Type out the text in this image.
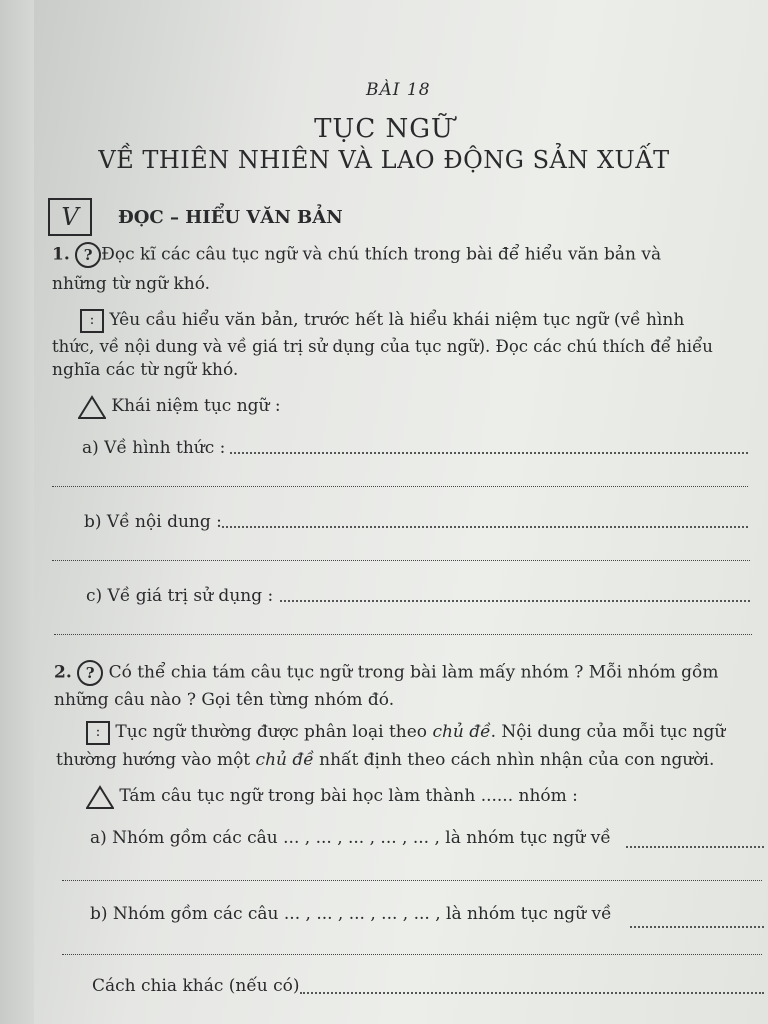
BÀI 18
TỤC NGỮ
VỀ THIÊN NHIÊN VÀ LAO ĐỘNG SẢN XUẤT
V	ĐỌC – HIỂU VĂN BẢN
1. ? Đọc kĩ các câu tục ngữ và chú thích trong bài để hiểu văn bản và
những từ ngữ khó.
: Yêu cầu hiểu văn bản, trước hết là hiểu khái niệm tục ngữ (về hình
thức, về nội dung và về giá trị sử dụng của tục ngữ). Đọc các chú thích để hiểu
nghĩa các từ ngữ khó.
Khái niệm tục ngữ :
a) Về hình thức :
b) Về nội dung :
c) Về giá trị sử dụng :
2. ? Có thể chia tám câu tục ngữ trong bài làm mấy nhóm ? Mỗi nhóm gồm
những câu nào ? Gọi tên từng nhóm đó.
: Tục ngữ thường được phân loại theo chủ đề. Nội dung của mỗi tục ngữ
thường hướng vào một chủ đề nhất định theo cách nhìn nhận của con người.
Tám câu tục ngữ trong bài học làm thành ...... nhóm :
a) Nhóm gồm các câu ... , ... , ... , ... , ... , là nhóm tục ngữ về
b) Nhóm gồm các câu ... , ... , ... , ... , ... , là nhóm tục ngữ về
Cách chia khác (nếu có)
